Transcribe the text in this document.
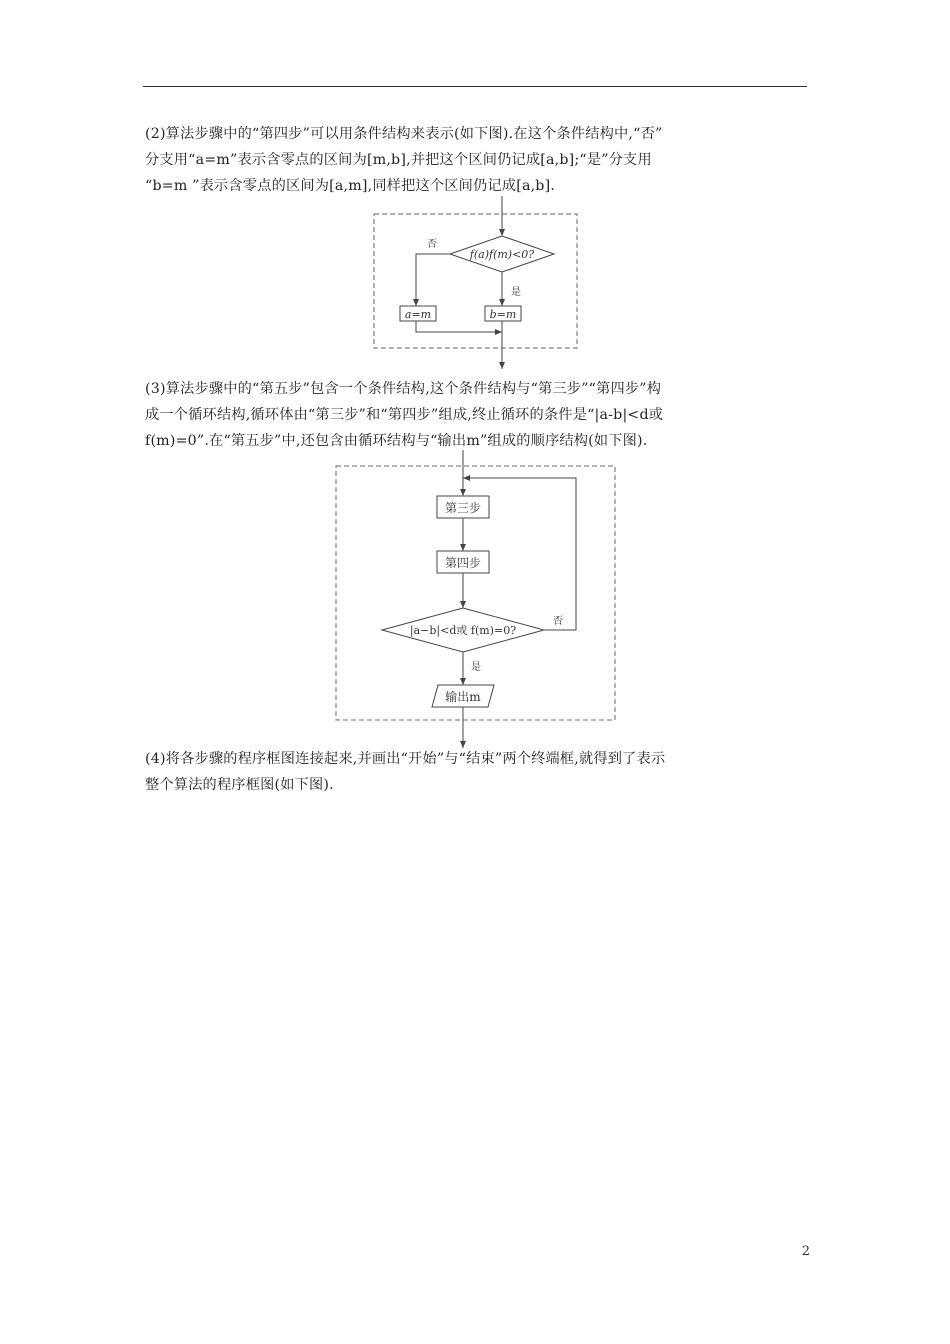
(2)算法步骤中的“第四步”可以用条件结构来表示(如下图).在这个条件结构中,“否”
分支用“a=m”表示含零点的区间为[m,b],并把这个区间仍记成[a,b];“是”分支用
“b=m ”表示含零点的区间为[a,m],同样把这个区间仍记成[a,b].
f(a)f(m)<0?
否
是
a=m	b=m
(3)算法步骤中的“第五步”包含一个条件结构,这个条件结构与“第三步”“第四步”构
成一个循环结构,循环体由“第三步”和“第四步”组成,终止循环的条件是“|a-b|<d或
f(m)=0”.在“第五步”中,还包含由循环结构与“输出m”组成的顺序结构(如下图).
第三步
第四步
|a−b|<d或 f(m)=0?
否
是
输出m
(4)将各步骤的程序框图连接起来,并画出“开始”与“结束”两个终端框,就得到了表示
整个算法的程序框图(如下图).
2
